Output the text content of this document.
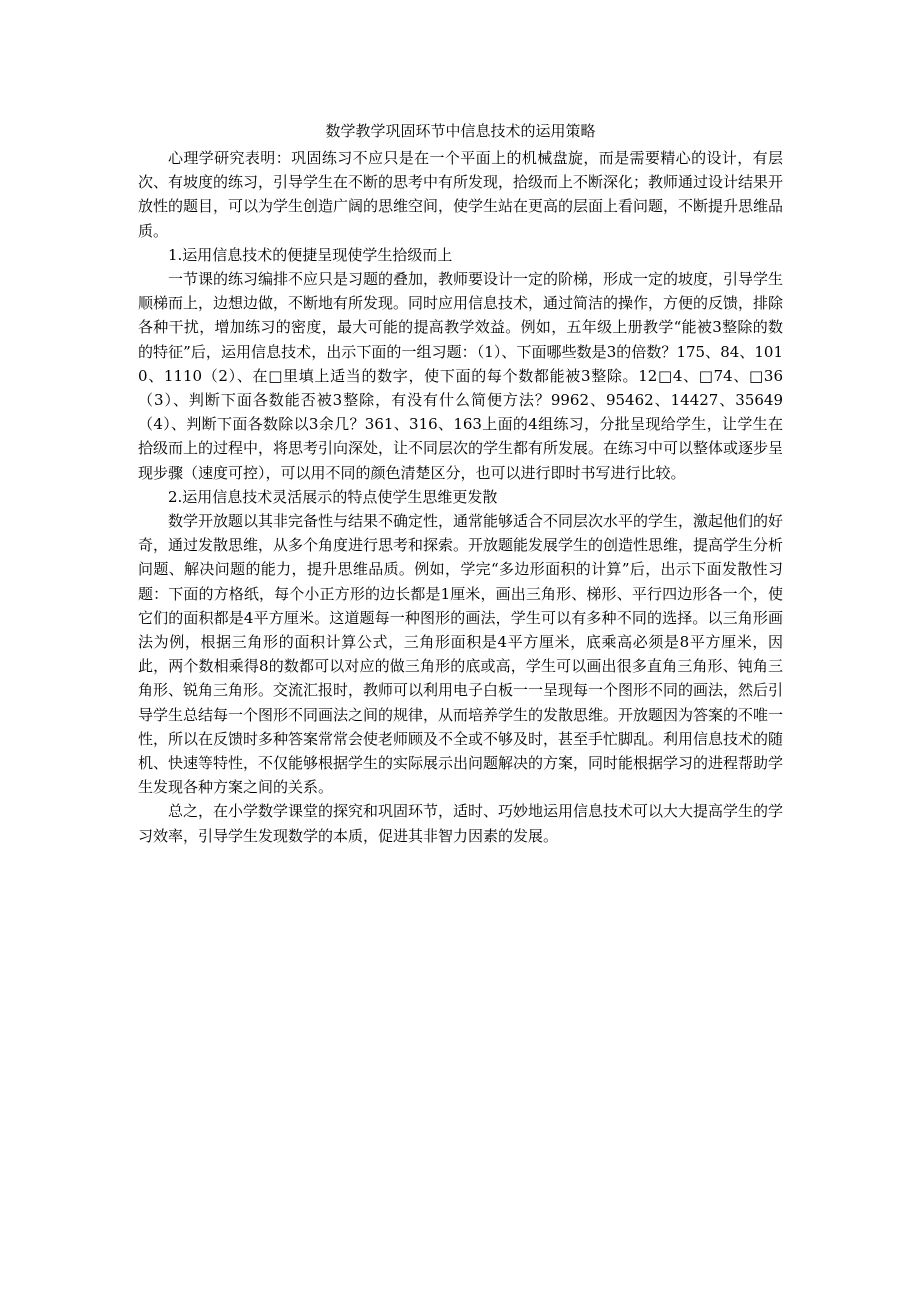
数学教学巩固环节中信息技术的运用策略

心理学研究表明：巩固练习不应只是在一个平面上的机械盘旋，而是需要精心的设计，有层次、有坡度的练习，引导学生在不断的思考中有所发现，拾级而上不断深化；教师通过设计结果开放性的题目，可以为学生创造广阔的思维空间，使学生站在更高的层面上看问题，不断提升思维品质。

1.运用信息技术的便捷呈现使学生拾级而上

一节课的练习编排不应只是习题的叠加，教师要设计一定的阶梯，形成一定的坡度，引导学生顺梯而上，边想边做，不断地有所发现。同时应用信息技术，通过简洁的操作，方便的反馈，排除各种干扰，增加练习的密度，最大可能的提高教学效益。例如，五年级上册教学“能被3整除的数的特征”后，运用信息技术，出示下面的一组习题：（1）、下面哪些数是3的倍数？175、84、1010、1110（2）、在□里填上适当的数字，使下面的每个数都能被3整除。12□4、□74、□36（3）、判断下面各数能否被3整除，有没有什么简便方法？9962、95462、14427、35649（4）、判断下面各数除以3余几？361、316、163上面的4组练习，分批呈现给学生，让学生在拾级而上的过程中，将思考引向深处，让不同层次的学生都有所发展。在练习中可以整体或逐步呈现步骤（速度可控），可以用不同的颜色清楚区分，也可以进行即时书写进行比较。

2.运用信息技术灵活展示的特点使学生思维更发散

数学开放题以其非完备性与结果不确定性，通常能够适合不同层次水平的学生，激起他们的好奇，通过发散思维，从多个角度进行思考和探索。开放题能发展学生的创造性思维，提高学生分析问题、解决问题的能力，提升思维品质。例如，学完“多边形面积的计算”后，出示下面发散性习题：下面的方格纸，每个小正方形的边长都是1厘米，画出三角形、梯形、平行四边形各一个，使它们的面积都是4平方厘米。这道题每一种图形的画法，学生可以有多种不同的选择。以三角形画法为例，根据三角形的面积计算公式，三角形面积是4平方厘米，底乘高必须是8平方厘米，因此，两个数相乘得8的数都可以对应的做三角形的底或高，学生可以画出很多直角三角形、钝角三角形、锐角三角形。交流汇报时，教师可以利用电子白板一一呈现每一个图形不同的画法，然后引导学生总结每一个图形不同画法之间的规律，从而培养学生的发散思维。开放题因为答案的不唯一性，所以在反馈时多种答案常常会使老师顾及不全或不够及时，甚至手忙脚乱。利用信息技术的随机、快速等特性，不仅能够根据学生的实际展示出问题解决的方案，同时能根据学习的进程帮助学生发现各种方案之间的关系。

总之，在小学数学课堂的探究和巩固环节，适时、巧妙地运用信息技术可以大大提高学生的学习效率，引导学生发现数学的本质，促进其非智力因素的发展。
